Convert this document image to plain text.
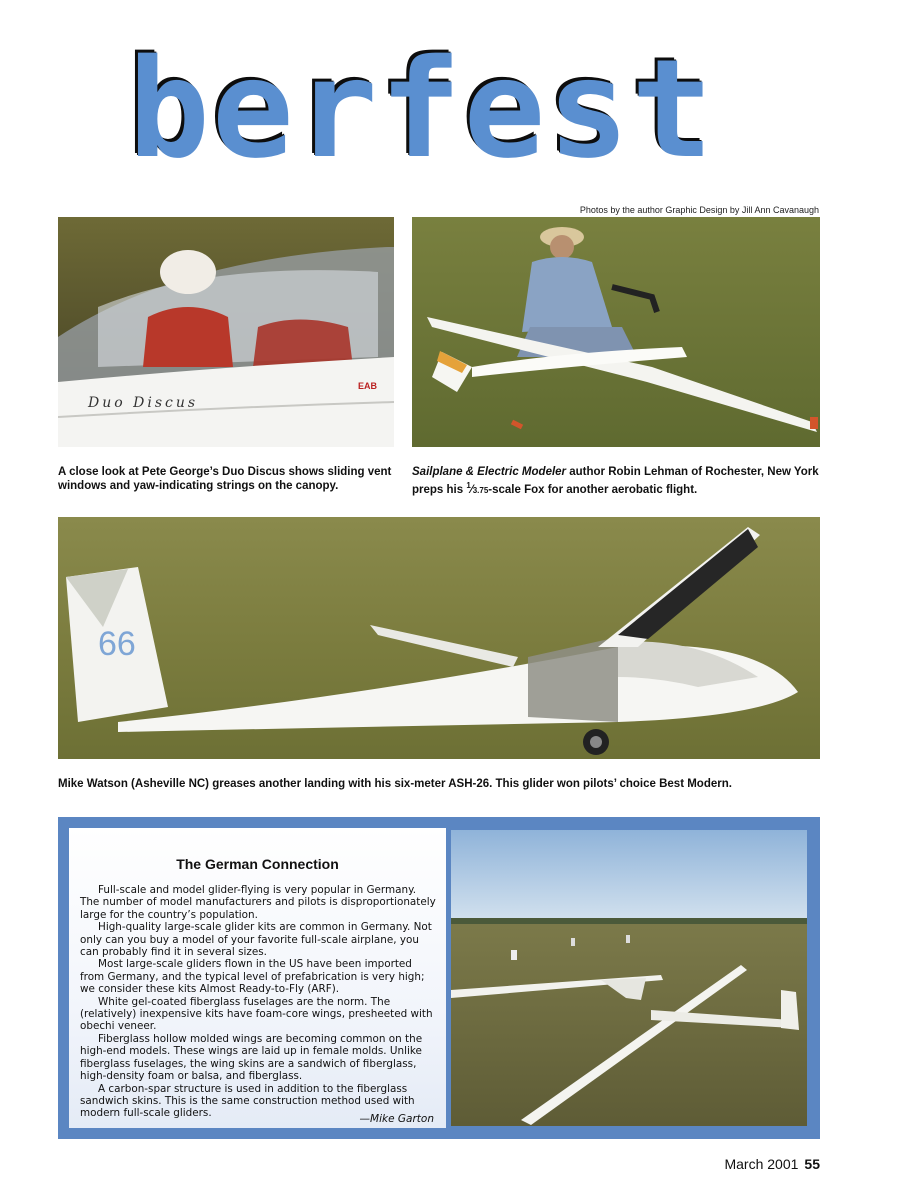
berfest
Photos by the author Graphic Design by Jill Ann Cavanaugh
Duo Discus
EAB
A close look at Pete George’s Duo Discus shows sliding vent windows and yaw-indicating strings on the canopy.
Sailplane & Electric Modeler author Robin Lehman of Rochester, New York preps his $^1$⁄3.75-scale Fox for another aerobatic flight.
66
Mike Watson (Asheville NC) greases another landing with his six-meter ASH-26. This glider won pilots’ choice Best Modern.
The German Connection

Full-scale and model glider-flying is very popular in Germany. The number of model manufacturers and pilots is disproportionately large for the country’s population.

High-quality large-scale glider kits are common in Germany. Not only can you buy a model of your favorite full-scale airplane, you can probably find it in several sizes.

Most large-scale gliders flown in the US have been imported from Germany, and the typical level of prefabrication is very high; we consider these kits Almost Ready-to-Fly (ARF).

White gel-coated fiberglass fuselages are the norm. The (relatively) inexpensive kits have foam-core wings, presheeted with obechi veneer.

Fiberglass hollow molded wings are becoming common on the high-end models. These wings are laid up in female molds. Unlike fiberglass fuselages, the wing skins are a sandwich of fiberglass, high-density foam or balsa, and fiberglass.

A carbon-spar structure is used in addition to the fiberglass sandwich skins. This is the same construction method used with modern full-scale gliders.	—Mike Garton
March 2001 55
